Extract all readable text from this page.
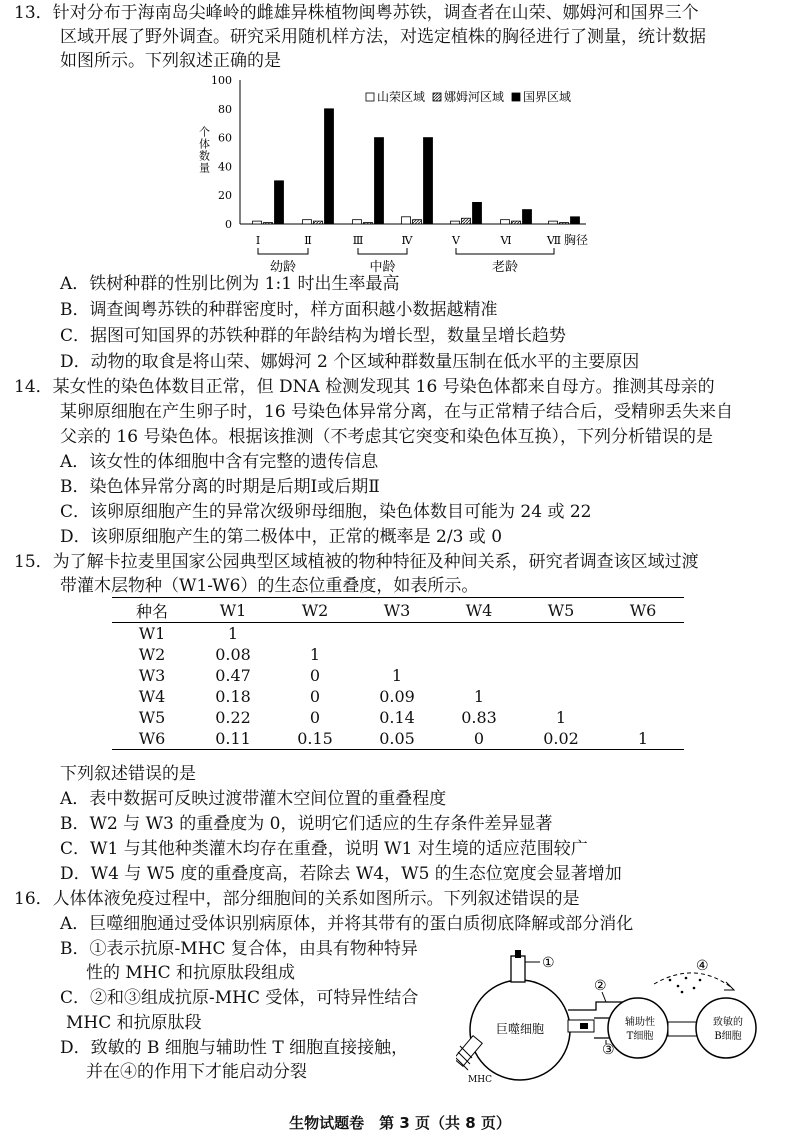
13．针对分布于海南岛尖峰岭的雌雄异株植物闽粤苏铁，调查者在山荣、娜姆河和国界三个
区域开展了野外调查。研究采用随机样方法，对选定植株的胸径进行了测量，统计数据
如图所示。下列叙述正确的是
0
20
40
60
80
100
个体数量
Ⅰ	Ⅱ	Ⅲ	Ⅳ	Ⅴ	Ⅵ	Ⅶ 胸径
幼龄	中龄	老龄
山荣区域 娜姆河区域 国界区域
A．铁树种群的性别比例为 1:1 时出生率最高
B．调查闽粤苏铁的种群密度时，样方面积越小数据越精准
C．据图可知国界的苏铁种群的年龄结构为增长型，数量呈增长趋势
D．动物的取食是将山荣、娜姆河 2 个区域种群数量压制在低水平的主要原因
14．某女性的染色体数目正常，但 DNA 检测发现其 16 号染色体都来自母方。推测其母亲的
某卵原细胞在产生卵子时，16 号染色体异常分离，在与正常精子结合后，受精卵丢失来自
父亲的 16 号染色体。根据该推测（不考虑其它突变和染色体互换），下列分析错误的是
A．该女性的体细胞中含有完整的遗传信息
B．染色体异常分离的时期是后期Ⅰ或后期Ⅱ
C．该卵原细胞产生的异常次级卵母细胞，染色体数目可能为 24 或 22
D．该卵原细胞产生的第二极体中，正常的概率是 2/3 或 0
15．为了解卡拉麦里国家公园典型区域植被的物种特征及种间关系，研究者调查该区域过渡
带灌木层物种（W1-W6）的生态位重叠度，如表所示。
种名	W1	W2	W3	W4	W5	W6
W1	1					
W2	0.08	1				
W3	0.47	0	1			
W4	0.18	0	0.09	1		
W5	0.22	0	0.14	0.83	1	
W6	0.11	0.15	0.05	0	0.02	1
下列叙述错误的是
A．表中数据可反映过渡带灌木空间位置的重叠程度
B．W2 与 W3 的重叠度为 0，说明它们适应的生存条件差异显著
C．W1 与其他种类灌木均存在重叠，说明 W1 对生境的适应范围较广
D．W4 与 W5 度的重叠度高，若除去 W4，W5 的生态位宽度会显著增加
16．人体体液免疫过程中，部分细胞间的关系如图所示。下列叙述错误的是
A．巨噬细胞通过受体识别病原体，并将其带有的蛋白质彻底降解或部分消化
B．①表示抗原-MHC 复合体，由具有物种特异
性的 MHC 和抗原肽段组成
C．②和③组成抗原-MHC 受体，可特异性结合
MHC 和抗原肽段
D．致敏的 B 细胞与辅助性 T 细胞直接接触，
并在④的作用下才能启动分裂
巨噬细胞
①
MHC
②
③
辅助性
T细胞
致敏的
B细胞
④
生物试题卷　第 3 页（共 8 页）
